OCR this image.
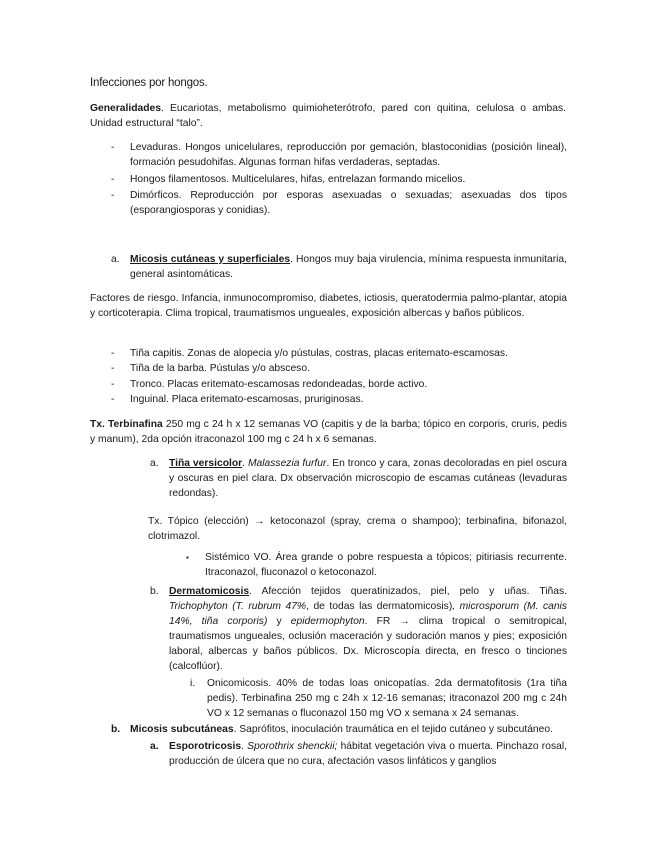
Infecciones por hongos.
Generalidades. Eucariotas, metabolismo quimioheterótrofo, pared con quitina, celulosa o ambas. Unidad estructural “talo”.
- Levaduras. Hongos unicelulares, reproducción por gemación, blastoconidias (posición lineal), formación pesudohifas. Algunas forman hifas verdaderas, septadas.
- Hongos filamentosos. Multicelulares, hifas, entrelazan formando micelios.
- Dimórficos. Reproducción por esporas asexuadas o sexuadas; asexuadas dos tipos (esporangiosporas y conidias).
a. Micosis cutáneas y superficiales. Hongos muy baja virulencia, mínima respuesta inmunitaria, general asintomáticas.
Factores de riesgo. Infancia, inmunocompromiso, diabetes, ictiosis, queratodermia palmo-plantar, atopia y corticoterapia. Clima tropical, traumatismos ungueales, exposición albercas y baños públicos.
- Tiña capitis. Zonas de alopecia y/o pústulas, costras, placas eritemato-escamosas.
- Tiña de la barba. Pústulas y/o absceso.
- Tronco. Placas eritemato-escamosas redondeadas, borde activo.
- Inguinal. Placa eritemato-escamosas, pruriginosas.
Tx. Terbinafina 250 mg c 24 h x 12 semanas VO (capitis y de la barba; tópico en corporis, cruris, pedis y manum), 2da opción itraconazol 100 mg c 24 h x 6 semanas.
a. Tiña versicolor. Malassezia furfur. En tronco y cara, zonas decoloradas en piel oscura y oscuras en piel clara. Dx observación microscopio de escamas cutáneas (levaduras redondas).
Tx. Tópico (elección) → ketoconazol (spray, crema o shampoo); terbinafina, bifonazol, clotrimazol.
▪ Sistémico VO. Área grande o pobre respuesta a tópicos; pitiriasis recurrente. Itraconazol, fluconazol o ketoconazol.
b. Dermatomicosis. Afección tejidos queratinizados, piel, pelo y uñas. Tiñas. Trichophyton (T. rubrum 47%, de todas las dermatomicosis), microsporum (M. canis 14%, tiña corporis) y epidermophyton. FR → clima tropical o semitropical, traumatismos ungueales, oclusión maceración y sudoración manos y pies; exposición laboral, albercas y baños públicos. Dx. Microscopía directa, en fresco o tinciones (calcoflúor).
i. Onicomicosis. 40% de todas loas onicopatías. 2da dermatofitosis (1ra tiña pedis). Terbinafina 250 mg c 24h x 12-16 semanas; itraconazol 200 mg c 24h VO x 12 semanas o fluconazol 150 mg VO x semana x 24 semanas.
b. Micosis subcutáneas. Saprófitos, inoculación traumática en el tejido cutáneo y subcutáneo.
a. Esporotricosis. Sporothrix shenckii; hábitat vegetación viva o muerta. Pinchazo rosal, producción de úlcera que no cura, afectación vasos linfáticos y ganglios
